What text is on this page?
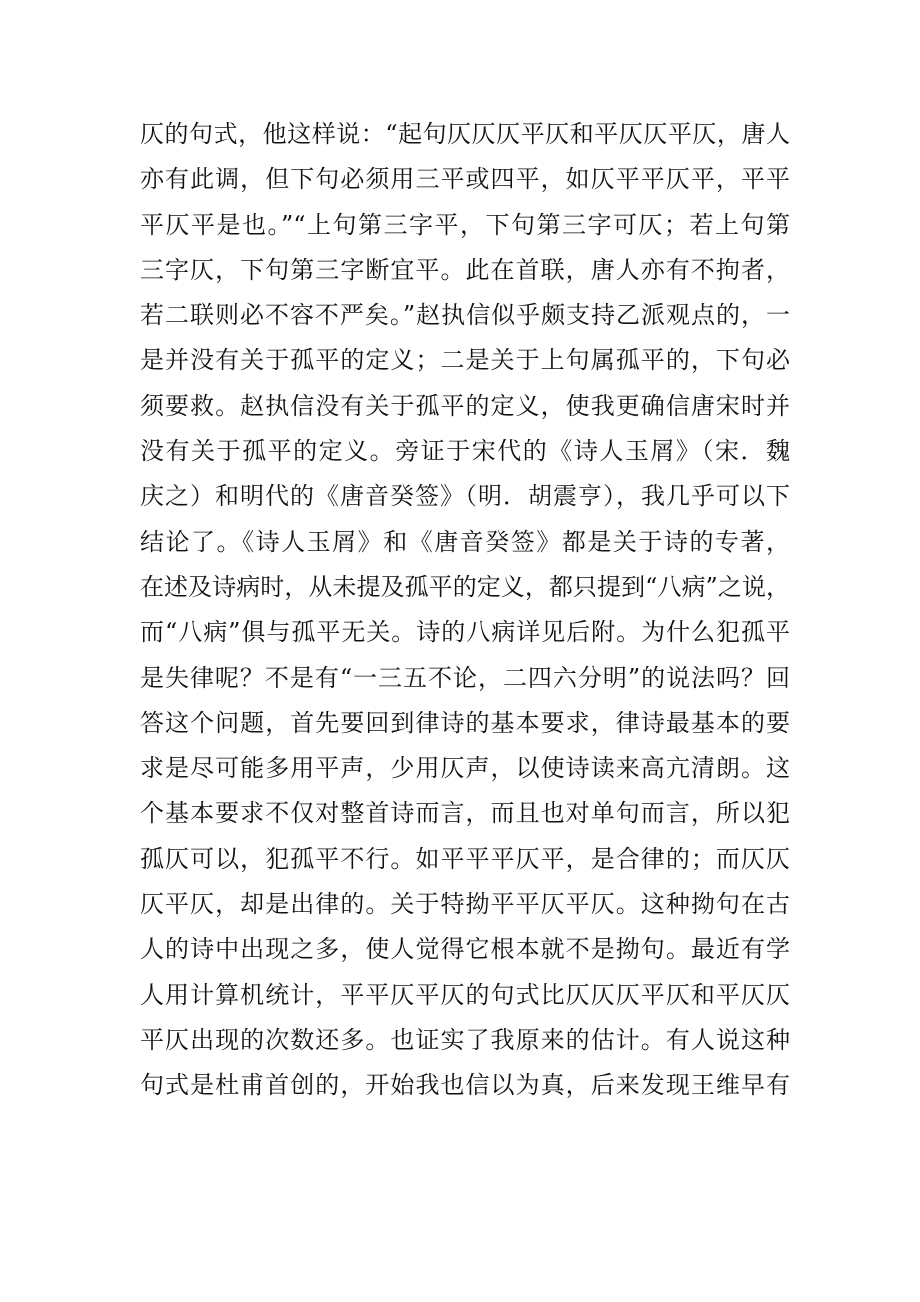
仄的句式，他这样说：“起句仄仄仄平仄和平仄仄平仄，唐人
亦有此调，但下句必须用三平或四平，如仄平平仄平，平平
平仄平是也。”“上句第三字平，下句第三字可仄；若上句第
三字仄，下句第三字断宜平。此在首联，唐人亦有不拘者，
若二联则必不容不严矣。”赵执信似乎颇支持乙派观点的，一
是并没有关于孤平的定义；二是关于上句属孤平的，下句必
须要救。赵执信没有关于孤平的定义，使我更确信唐宋时并
没有关于孤平的定义。旁证于宋代的《诗人玉屑》（宋．魏
庆之）和明代的《唐音癸签》（明．胡震亨），我几乎可以下
结论了。《诗人玉屑》和《唐音癸签》都是关于诗的专著，
在述及诗病时，从未提及孤平的定义，都只提到“八病”之说，
而“八病”俱与孤平无关。诗的八病详见后附。为什么犯孤平
是失律呢？不是有“一三五不论，二四六分明”的说法吗？回
答这个问题，首先要回到律诗的基本要求，律诗最基本的要
求是尽可能多用平声，少用仄声，以使诗读来高亢清朗。这
个基本要求不仅对整首诗而言，而且也对单句而言，所以犯
孤仄可以，犯孤平不行。如平平平仄平，是合律的；而仄仄
仄平仄，却是出律的。关于特拗平平仄平仄。这种拗句在古
人的诗中出现之多，使人觉得它根本就不是拗句。最近有学
人用计算机统计，平平仄平仄的句式比仄仄仄平仄和平仄仄
平仄出现的次数还多。也证实了我原来的估计。有人说这种
句式是杜甫首创的，开始我也信以为真，后来发现王维早有
